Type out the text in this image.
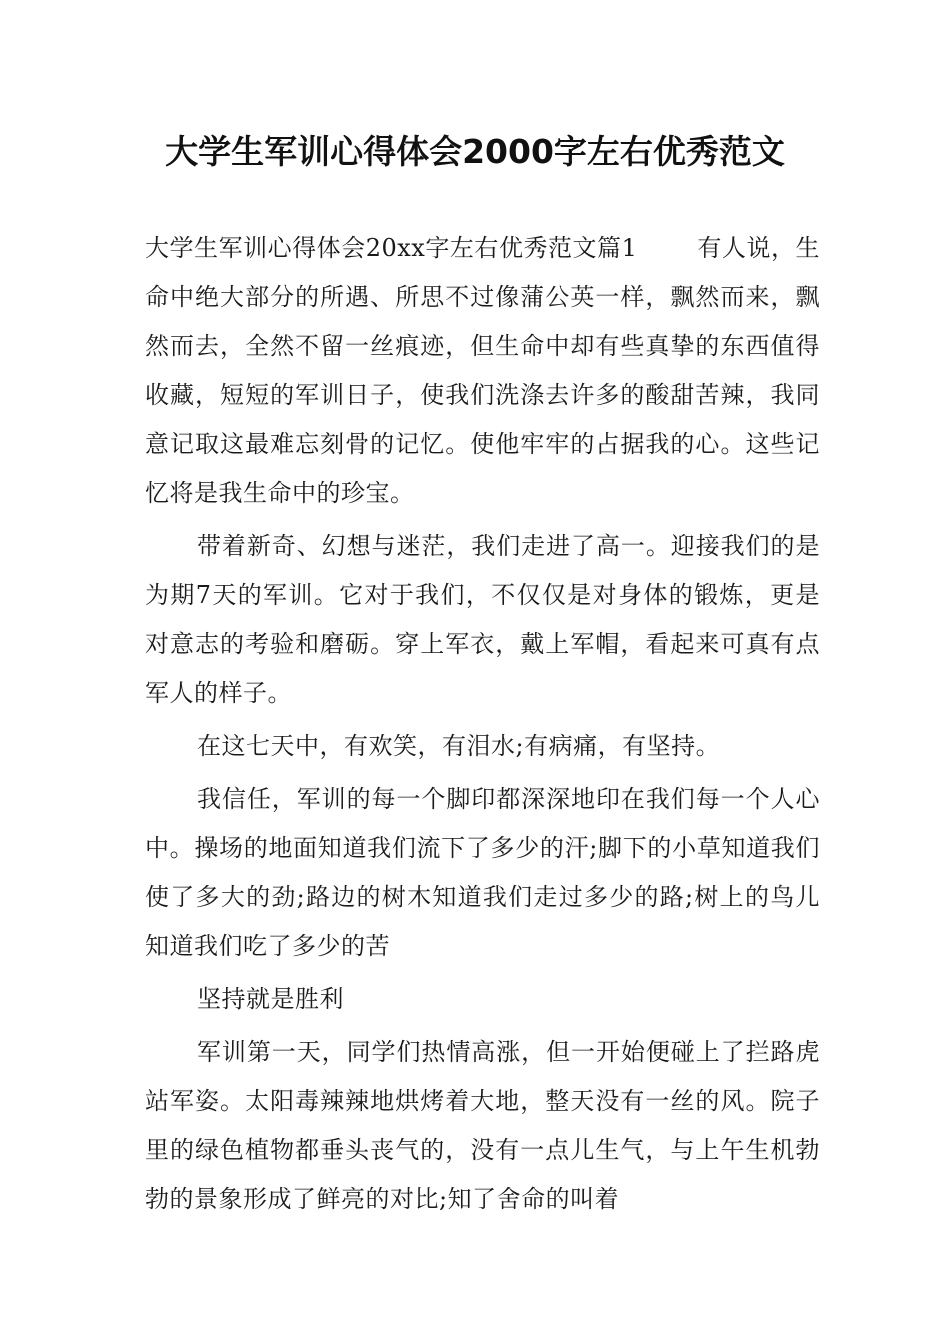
大学生军训心得体会2000字左右优秀范文

大学生军训心得体会20xx字左右优秀范文篇1	有人说，生命中绝大部分的所遇、所思不过像蒲公英一样，飘然而来，飘然而去，全然不留一丝痕迹，但生命中却有些真挚的东西值得收藏，短短的军训日子，使我们洗涤去许多的酸甜苦辣，我同意记取这最难忘刻骨的记忆。使他牢牢的占据我的心。这些记忆将是我生命中的珍宝。

带着新奇、幻想与迷茫，我们走进了高一。迎接我们的是为期7天的军训。它对于我们，不仅仅是对身体的锻炼，更是对意志的考验和磨砺。穿上军衣，戴上军帽，看起来可真有点军人的样子。

在这七天中，有欢笑，有泪水;有病痛，有坚持。

我信任，军训的每一个脚印都深深地印在我们每一个人心中。操场的地面知道我们流下了多少的汗;脚下的小草知道我们使了多大的劲;路边的树木知道我们走过多少的路;树上的鸟儿知道我们吃了多少的苦

坚持就是胜利

军训第一天，同学们热情高涨，但一开始便碰上了拦路虎站军姿。太阳毒辣辣地烘烤着大地，整天没有一丝的风。院子里的绿色植物都垂头丧气的，没有一点儿生气，与上午生机勃勃的景象形成了鲜亮的对比;知了舍命的叫着
